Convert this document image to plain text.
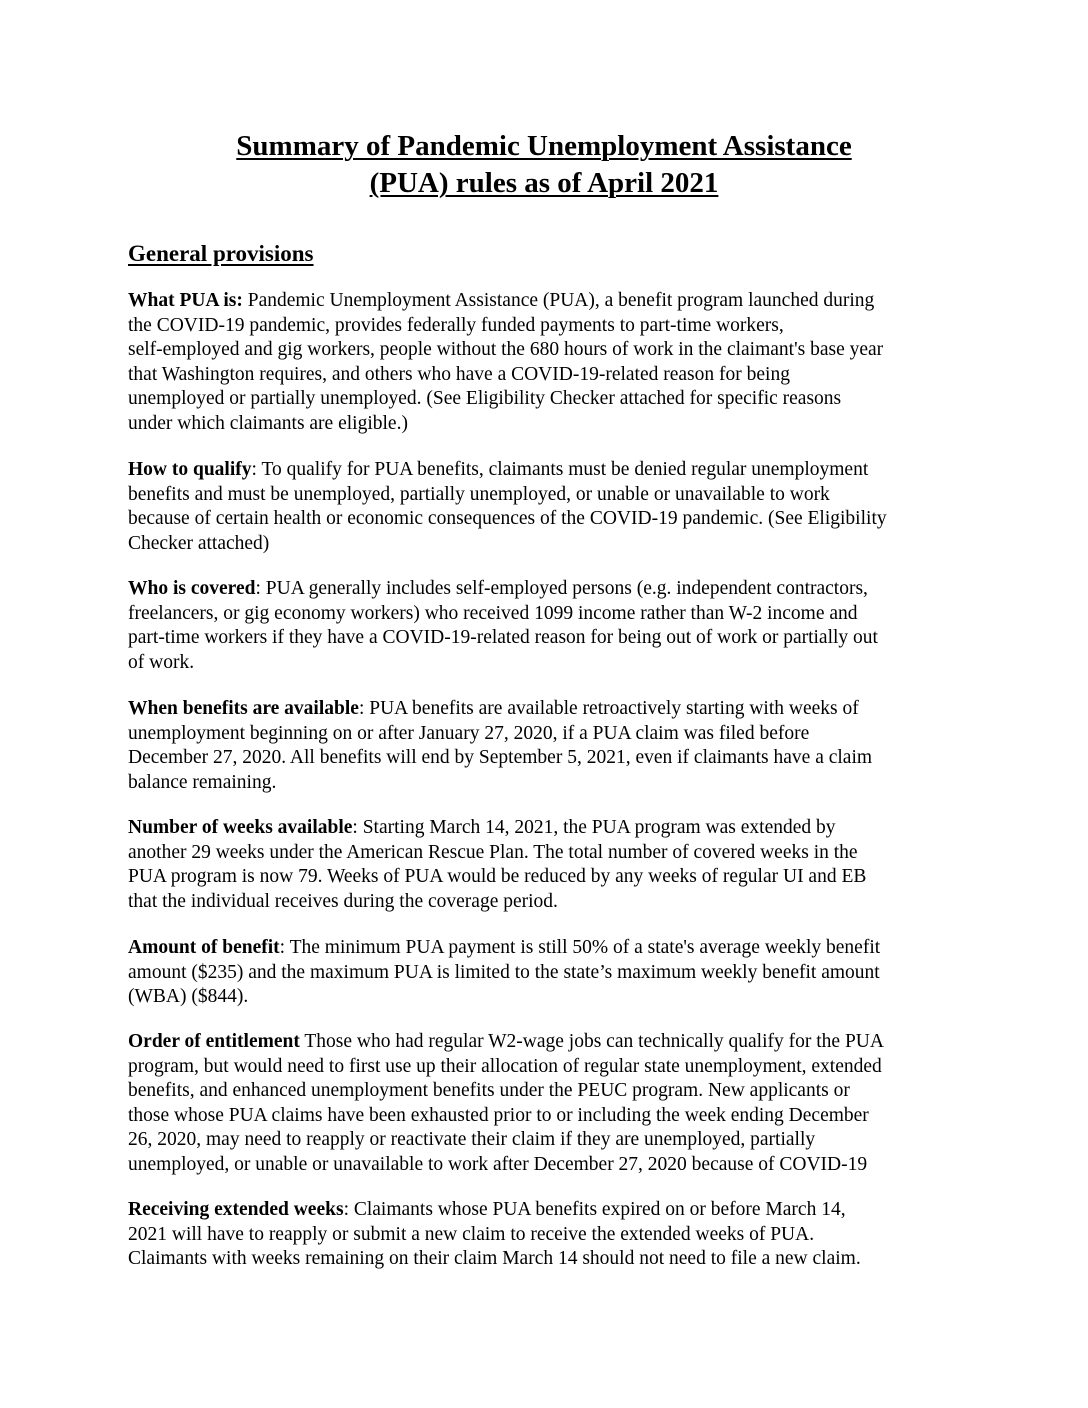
Summary of Pandemic Unemployment Assistance
(PUA) rules as of April 2021
General provisions
What PUA is: Pandemic Unemployment Assistance (PUA), a benefit program launched during
the COVID-19 pandemic, provides federally funded payments to part-time workers,
self-employed and gig workers, people without the 680 hours of work in the claimant's base year
that Washington requires, and others who have a COVID-19-related reason for being
unemployed or partially unemployed. (See Eligibility Checker attached for specific reasons
under which claimants are eligible.)
How to qualify: To qualify for PUA benefits, claimants must be denied regular unemployment
benefits and must be unemployed, partially unemployed, or unable or unavailable to work
because of certain health or economic consequences of the COVID-19 pandemic. (See Eligibility
Checker attached)
Who is covered: PUA generally includes self-employed persons (e.g. independent contractors,
freelancers, or gig economy workers) who received 1099 income rather than W-2 income and
part-time workers if they have a COVID-19-related reason for being out of work or partially out
of work.
When benefits are available: PUA benefits are available retroactively starting with weeks of
unemployment beginning on or after January 27, 2020, if a PUA claim was filed before
December 27, 2020. All benefits will end by September 5, 2021, even if claimants have a claim
balance remaining.
Number of weeks available: Starting March 14, 2021, the PUA program was extended by
another 29 weeks under the American Rescue Plan. The total number of covered weeks in the
PUA program is now 79. Weeks of PUA would be reduced by any weeks of regular UI and EB
that the individual receives during the coverage period.
Amount of benefit: The minimum PUA payment is still 50% of a state's average weekly benefit
amount ($235) and the maximum PUA is limited to the state’s maximum weekly benefit amount
(WBA) ($844).
Order of entitlement Those who had regular W2-wage jobs can technically qualify for the PUA
program, but would need to first use up their allocation of regular state unemployment, extended
benefits, and enhanced unemployment benefits under the PEUC program. New applicants or
those whose PUA claims have been exhausted prior to or including the week ending December
26, 2020, may need to reapply or reactivate their claim if they are unemployed, partially
unemployed, or unable or unavailable to work after December 27, 2020 because of COVID-19
Receiving extended weeks: Claimants whose PUA benefits expired on or before March 14,
2021 will have to reapply or submit a new claim to receive the extended weeks of PUA.
Claimants with weeks remaining on their claim March 14 should not need to file a new claim.
